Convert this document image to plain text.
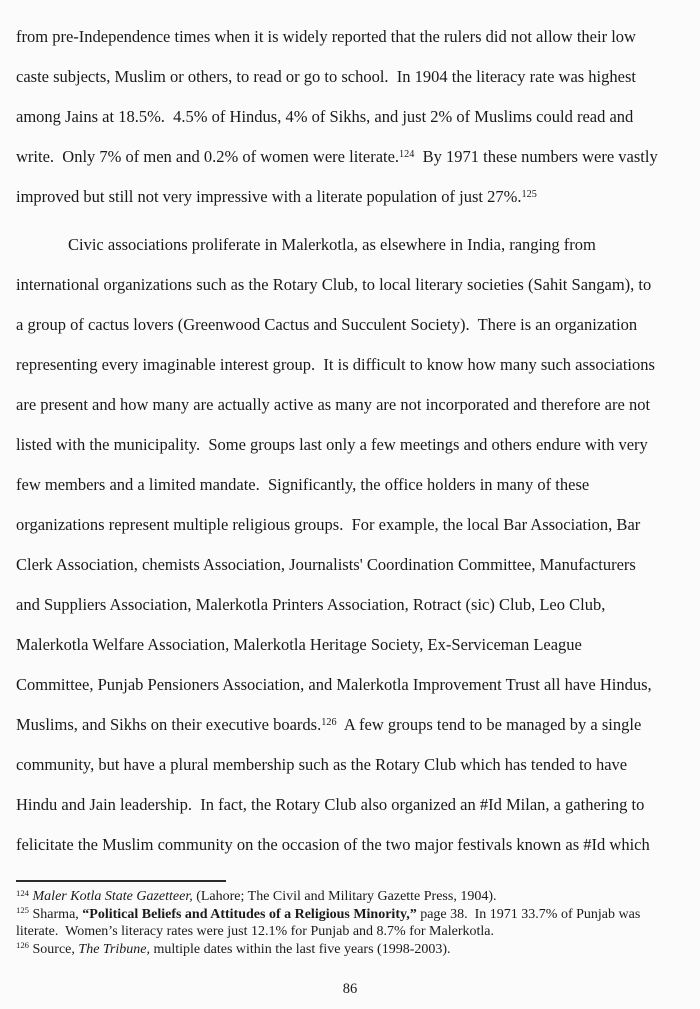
from pre-Independence times when it is widely reported that the rulers did not allow their low
caste subjects, Muslim or others, to read or go to school.  In 1904 the literacy rate was highest
among Jains at 18.5%.  4.5% of Hindus, 4% of Sikhs, and just 2% of Muslims could read and
write.  Only 7% of men and 0.2% of women were literate.$^{124}$  By 1971 these numbers were vastly
improved but still not very impressive with a literate population of just 27%.$^{125}$
Civic associations proliferate in Malerkotla, as elsewhere in India, ranging from
international organizations such as the Rotary Club, to local literary societies (Sahit Sangam), to
a group of cactus lovers (Greenwood Cactus and Succulent Society).  There is an organization
representing every imaginable interest group.  It is difficult to know how many such associations
are present and how many are actually active as many are not incorporated and therefore are not
listed with the municipality.  Some groups last only a few meetings and others endure with very
few members and a limited mandate.  Significantly, the office holders in many of these
organizations represent multiple religious groups.  For example, the local Bar Association, Bar
Clerk Association, chemists Association, Journalists' Coordination Committee, Manufacturers
and Suppliers Association, Malerkotla Printers Association, Rotract (sic) Club, Leo Club,
Malerkotla Welfare Association, Malerkotla Heritage Society, Ex-Serviceman League
Committee, Punjab Pensioners Association, and Malerkotla Improvement Trust all have Hindus,
Muslims, and Sikhs on their executive boards.$^{126}$  A few groups tend to be managed by a single
community, but have a plural membership such as the Rotary Club which has tended to have
Hindu and Jain leadership.  In fact, the Rotary Club also organized an #Id Milan, a gathering to
felicitate the Muslim community on the occasion of the two major festivals known as #Id which
$^{124}$ Maler Kotla State Gazetteer, (Lahore; The Civil and Military Gazette Press, 1904).
$^{125}$ Sharma, “Political Beliefs and Attitudes of a Religious Minority,” page 38.  In 1971 33.7% of Punjab was
literate.  Women’s literacy rates were just 12.1% for Punjab and 8.7% for Malerkotla.
$^{126}$ Source, The Tribune, multiple dates within the last five years (1998-2003).
86
